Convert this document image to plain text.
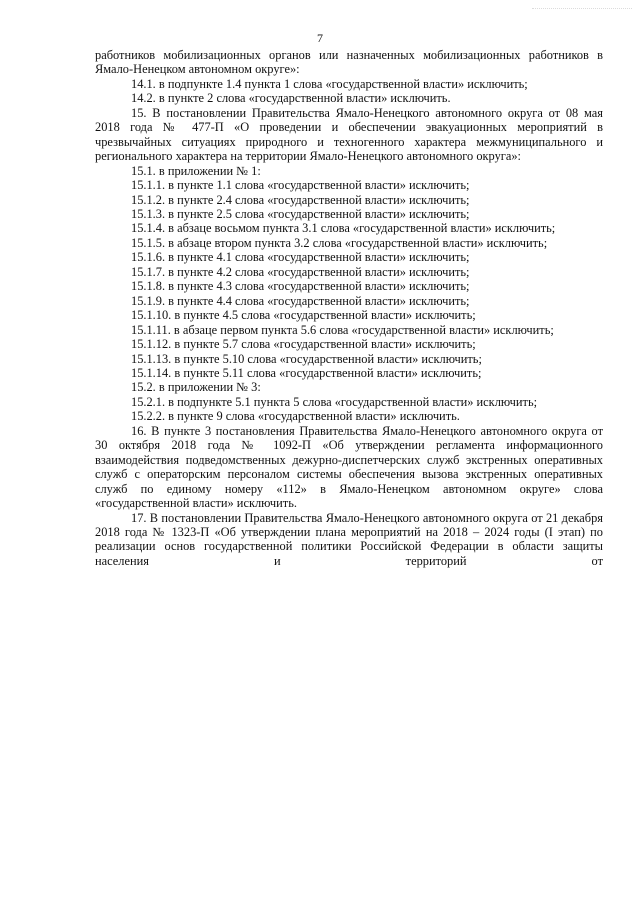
7

работников мобилизационных органов или назначенных мобилизационных работников в Ямало-Ненецком автономном округе»:

14.1. в подпункте 1.4 пункта 1 слова «государственной власти» исключить;

14.2. в пункте 2 слова «государственной власти» исключить.

15. В постановлении Правительства Ямало-Ненецкого автономного округа от 08 мая 2018 года № 477-П «О проведении и обеспечении эвакуационных мероприятий в чрезвычайных ситуациях природного и техногенного характера межмуниципального и регионального характера на территории Ямало-Ненецкого автономного округа»:

15.1. в приложении № 1:

15.1.1. в пункте 1.1 слова «государственной власти» исключить;

15.1.2. в пункте 2.4 слова «государственной власти» исключить;

15.1.3. в пункте 2.5 слова «государственной власти» исключить;

15.1.4. в абзаце восьмом пункта 3.1 слова «государственной власти» исключить;

15.1.5. в абзаце втором пункта 3.2 слова «государственной власти» исключить;

15.1.6. в пункте 4.1 слова «государственной власти» исключить;

15.1.7. в пункте 4.2 слова «государственной власти» исключить;

15.1.8. в пункте 4.3 слова «государственной власти» исключить;

15.1.9. в пункте 4.4 слова «государственной власти» исключить;

15.1.10. в пункте 4.5 слова «государственной власти» исключить;

15.1.11. в абзаце первом пункта 5.6 слова «государственной власти» исключить;

15.1.12. в пункте 5.7 слова «государственной власти» исключить;

15.1.13. в пункте 5.10 слова «государственной власти» исключить;

15.1.14. в пункте 5.11 слова «государственной власти» исключить;

15.2. в приложении № 3:

15.2.1. в подпункте 5.1 пункта 5 слова «государственной власти» исключить;

15.2.2. в пункте 9 слова «государственной власти» исключить.

16. В пункте 3 постановления Правительства Ямало-Ненецкого автономного округа от 30 октября 2018 года № 1092-П «Об утверждении регламента информационного взаимодействия подведомственных дежурно-диспетчерских служб экстренных оперативных служб с операторским персоналом системы обеспечения вызова экстренных оперативных служб по единому номеру «112» в Ямало-Ненецком автономном округе» слова «государственной власти» исключить.

17. В постановлении Правительства Ямало-Ненецкого автономного округа от 21 декабря 2018 года № 1323-П «Об утверждении плана мероприятий на 2018 – 2024 годы (I этап) по реализации основ государственной политики Российской Федерации в области защиты населения и территорий от
